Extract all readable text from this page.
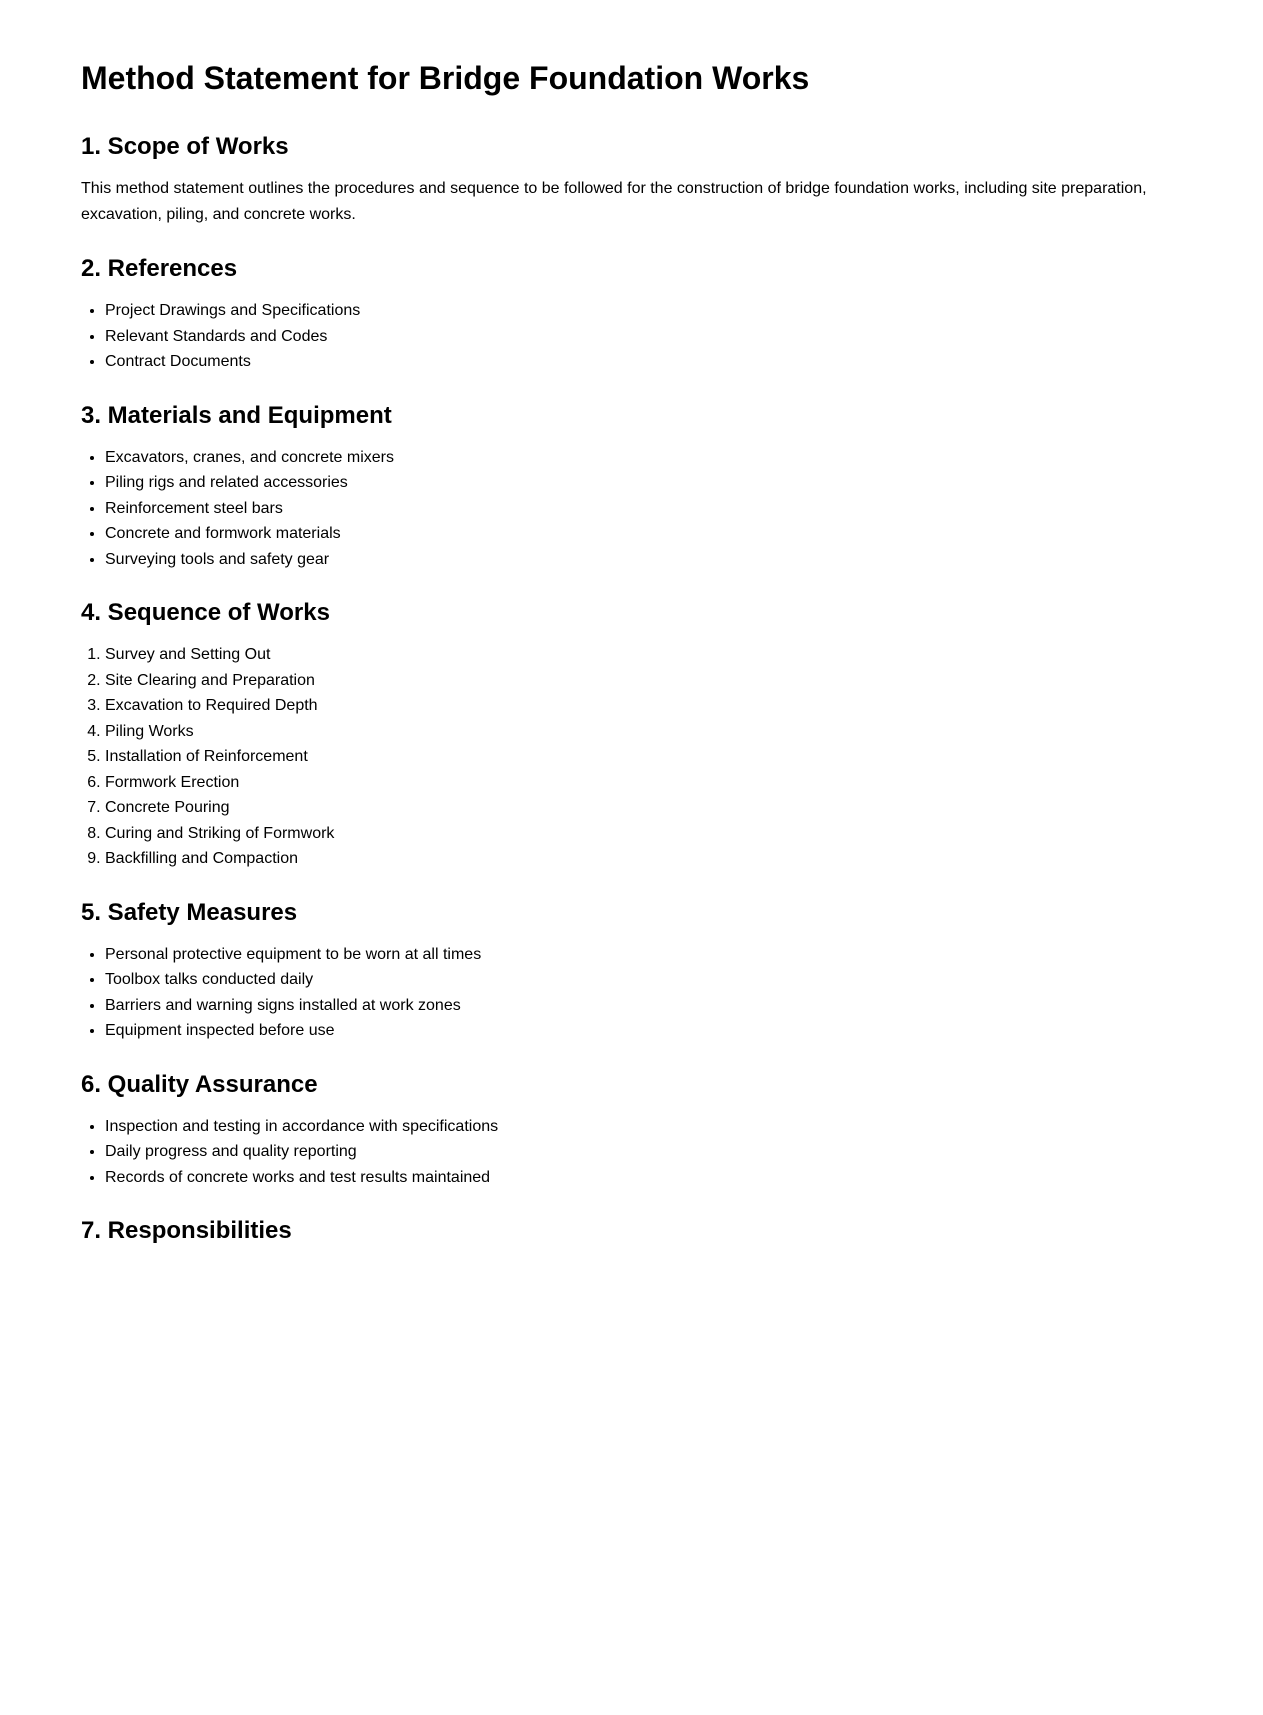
Method Statement for Bridge Foundation Works
1. Scope of Works

This method statement outlines the procedures and sequence to be followed for the construction of bridge foundation works, including site preparation, excavation, piling, and concrete works.

2. References
• Project Drawings and Specifications
• Relevant Standards and Codes
• Contract Documents
3. Materials and Equipment
• Excavators, cranes, and concrete mixers
• Piling rigs and related accessories
• Reinforcement steel bars
• Concrete and formwork materials
• Surveying tools and safety gear
4. Sequence of Works
1. Survey and Setting Out
2. Site Clearing and Preparation
3. Excavation to Required Depth
4. Piling Works
5. Installation of Reinforcement
6. Formwork Erection
7. Concrete Pouring
8. Curing and Striking of Formwork
9. Backfilling and Compaction
5. Safety Measures
• Personal protective equipment to be worn at all times
• Toolbox talks conducted daily
• Barriers and warning signs installed at work zones
• Equipment inspected before use
6. Quality Assurance
• Inspection and testing in accordance with specifications
• Daily progress and quality reporting
• Records of concrete works and test results maintained
7. Responsibilities
